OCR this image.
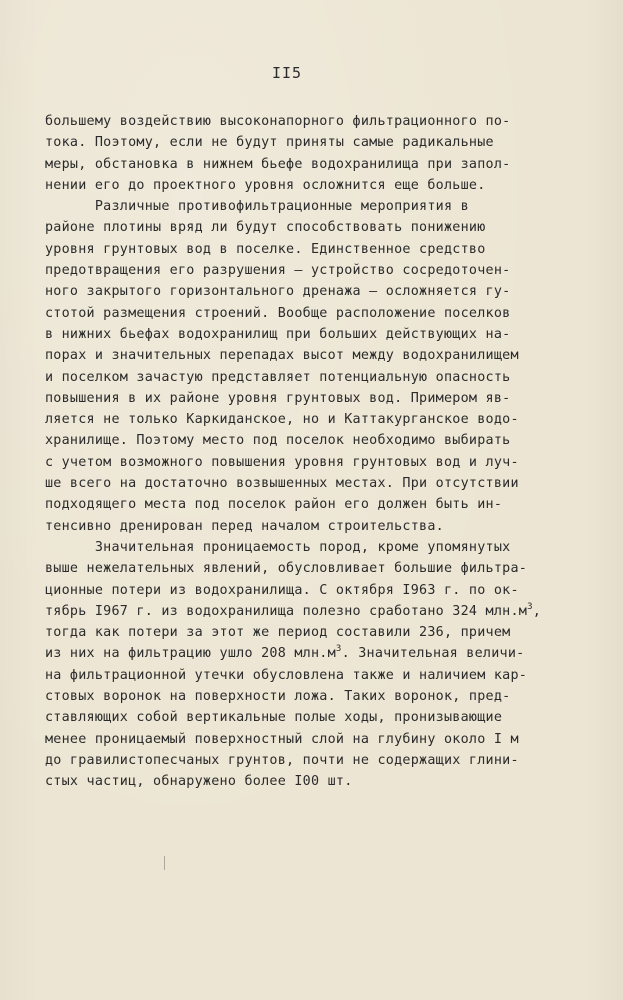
II5
большему воздействию высоконапорного фильтрационного по-
тока. Поэтому, если не будут приняты самые радикальные
меры, обстановка в нижнем бьефе водохранилища при запол-
нении его до проектного уровня осложнится еще больше.
Различные противофильтрационные мероприятия в
районе плотины вряд ли будут способствовать понижению
уровня грунтовых вод в поселке. Единственное средство
предотвращения его разрушения – устройство сосредоточен-
ного закрытого горизонтального дренажа – осложняется гу-
стотой размещения строений. Вообще расположение поселков
в нижних бьефах водохранилищ при больших действующих на-
порах и значительных перепадах высот между водохранилищем
и поселком зачастую представляет потенциальную опасность
повышения в их районе уровня грунтовых вод. Примером яв-
ляется не только Каркиданское, но и Каттакурганское водо-
хранилище. Поэтому место под поселок необходимо выбирать
с учетом возможного повышения уровня грунтовых вод и луч-
ше всего на достаточно возвышенных местах. При отсутствии
подходящего места под поселок район его должен быть ин-
тенсивно дренирован перед началом строительства.
Значительная проницаемость пород, кроме упомянутых
выше нежелательных явлений, обусловливает большие фильтра-
ционные потери из водохранилища. С октября I963 г. по ок-
тябрь I967 г. из водохранилища полезно сработано 324 $млн.м^3$,
тогда как потери за этот же период составили 236, причем
из них на фильтрацию ушло 208 $млн.м^3$. Значительная величи-
на фильтрационной утечки обусловлена также и наличием кар-
стовых воронок на поверхности ложа. Таких воронок, пред-
ставляющих собой вертикальные полые ходы, пронизывающие
менее проницаемый поверхностный слой на глубину около I м
до гравилистопесчаных грунтов, почти не содержащих глини-
стых частиц, обнаружено более I00 шт.
